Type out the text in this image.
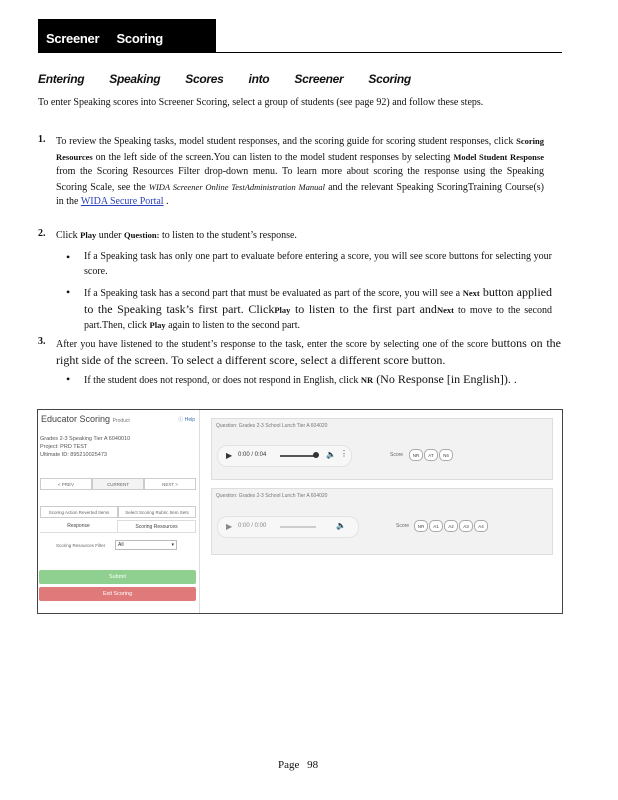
Screener Scoring
Entering Speaking Scores into Screener Scoring
To enter Speaking scores into Screener Scoring, select a group of students (see page 92) and follow these steps.
1. To review the Speaking tasks, model student responses, and the scoring guide for scoring student responses, click Scoring Resources on the left side of the screen.You can listen to the model student responses by selecting Model Student Response from the Scoring Resources Filter drop-down menu. To learn more about scoring the response using the Speaking Scoring Scale, see the WIDA Screener Online TestAdministration Manual and the relevant Speaking ScoringTraining Course(s) in the WIDA Secure Portal .
2. Click Play under Question: to listen to the student’s response.
• If a Speaking task has only one part to evaluate before entering a score, you will see score buttons for selecting your score.
• If a Speaking task has a second part that must be evaluated as part of the score, you will see a Next button applied to the Speaking task’s first part. ClickPlay to listen to the first part andNext to move to the second part.Then, click Play again to listen to the second part.
3. After you have listened to the student’s response to the task, enter the score by selecting one of the score buttons on the right side of the screen. To select a different score, select a different score button.
• If the student does not respond, or does not respond in English, click NR (No Response [in English]). .
Educator Scoring Product	ⓘ Help
Grades 2-3 Speaking Tier A 6040010
Project: PRD TEST
Ultimate ID: 895210025473
< PREV	CURRENT	NEXT >
Scoring Action Reverted Items	Select Scoring Rubric Item Sets
Response	Scoring Resources
Scoring Resources Filter	All ▾
Submit
Exit Scoring
Question: Grades 2-3 School Lunch Tier A 604020
▶ 0:00 / 0:04	🔈 ⋮	Score	NR	AT	N6
Question: Grades 2-3 School Lunch Tier A 604020
▶ 0:00 / 0:00	🔈	Score	NR	A1	A2	A3	A4
Page 98
